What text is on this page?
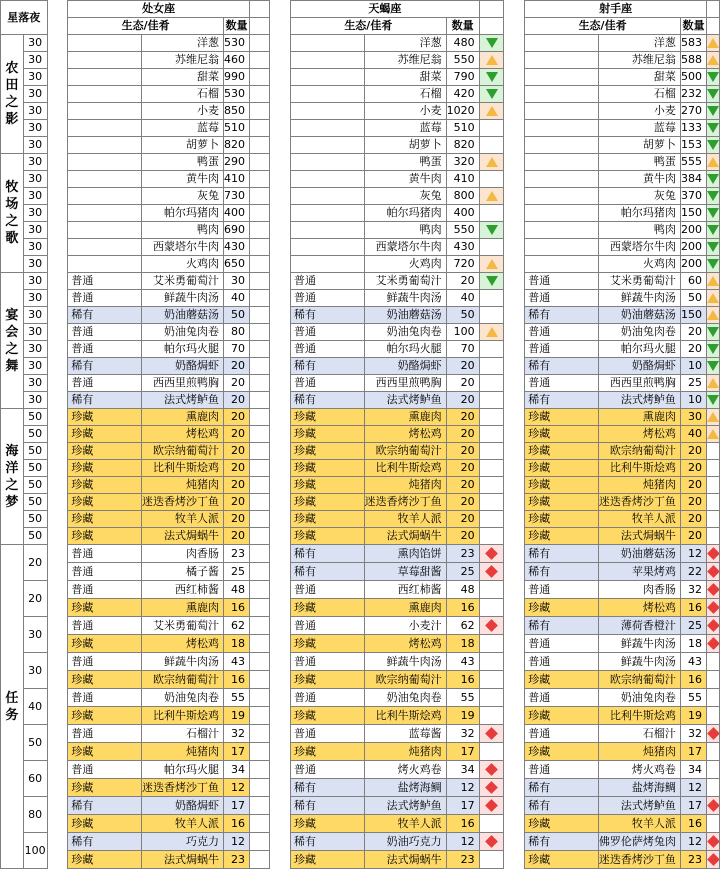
星落夜			处女座					天蝎座					射手座			
			生态/佳肴		数量			生态/佳肴		数量			生态/佳肴		数量	
农田之影	30			洋葱	530				洋葱	480				洋葱	583	
	30			苏维尼翁	460				苏维尼翁	550				苏维尼翁	588	
	30			甜菜	990				甜菜	790				甜菜	500	
	30			石榴	530				石榴	420				石榴	232	
	30			小麦	850				小麦	1020				小麦	270	
	30			蓝莓	510				蓝莓	510				蓝莓	133	
	30			胡萝卜	820				胡萝卜	820				胡萝卜	153	
牧场之歌	30			鸭蛋	290				鸭蛋	320				鸭蛋	555	
	30			黄牛肉	410				黄牛肉	410				黄牛肉	384	
	30			灰兔	730				灰兔	800				灰兔	370	
	30			帕尔玛猪肉	400				帕尔玛猪肉	400				帕尔玛猪肉	150	
	30			鸭肉	690				鸭肉	550				鸭肉	200	
	30			西蒙塔尔牛肉	430				西蒙塔尔牛肉	430				西蒙塔尔牛肉	200	
	30			火鸡肉	650				火鸡肉	720				火鸡肉	200	
宴会之舞	30		普通	艾米勇葡萄汁	30			普通	艾米勇葡萄汁	20			普通	艾米勇葡萄汁	60	
	30		普通	鲜蔬牛肉汤	40			普通	鲜蔬牛肉汤	40			普通	鲜蔬牛肉汤	50	
	30		稀有	奶油蘑菇汤	50			稀有	奶油蘑菇汤	50			稀有	奶油蘑菇汤	150	
	30		普通	奶油兔肉卷	80			普通	奶油兔肉卷	100			普通	奶油兔肉卷	20	
	30		普通	帕尔玛火腿	70			普通	帕尔玛火腿	70			普通	帕尔玛火腿	20	
	30		稀有	奶酪焗虾	20			稀有	奶酪焗虾	20			稀有	奶酪焗虾	10	
	30		普通	西西里煎鸭胸	20			普通	西西里煎鸭胸	20			普通	西西里煎鸭胸	25	
	30		稀有	法式烤鲈鱼	20			稀有	法式烤鲈鱼	20			稀有	法式烤鲈鱼	10	
海洋之梦	50		珍藏	熏鹿肉	20			珍藏	熏鹿肉	20			珍藏	熏鹿肉	30	
	50		珍藏	烤松鸡	20			珍藏	烤松鸡	20			珍藏	烤松鸡	40	
	50		珍藏	欧宗纳葡萄汁	20			珍藏	欧宗纳葡萄汁	20			珍藏	欧宗纳葡萄汁	20	
	50		珍藏	比利牛斯烩鸡	20			珍藏	比利牛斯烩鸡	20			珍藏	比利牛斯烩鸡	20	
	50		珍藏	炖猪肉	20			珍藏	炖猪肉	20			珍藏	炖猪肉	20	
	50		珍藏	迷迭香烤沙丁鱼	20			珍藏	迷迭香烤沙丁鱼	20			珍藏	迷迭香烤沙丁鱼	20	
	50		珍藏	牧羊人派	20			珍藏	牧羊人派	20			珍藏	牧羊人派	20	
	50		珍藏	法式焗蜗牛	20			珍藏	法式焗蜗牛	20			珍藏	法式焗蜗牛	20	
任务	20		普通	肉香肠	23			稀有	熏肉馅饼	23			稀有	奶油蘑菇汤	12	
			普通	橘子酱	25			稀有	草莓甜酱	25			稀有	苹果烤鸡	22	
	20		普通	西红柿酱	48			普通	西红柿酱	48			普通	肉香肠	32	
			珍藏	熏鹿肉	16			珍藏	熏鹿肉	16			珍藏	烤松鸡	16	
	30		普通	艾米勇葡萄汁	62			普通	小麦汁	62			稀有	薄荷香橙汁	25	
			珍藏	烤松鸡	18			珍藏	烤松鸡	18			普通	鲜蔬牛肉汤	18	
	30		普通	鲜蔬牛肉汤	43			普通	鲜蔬牛肉汤	43			普通	鲜蔬牛肉汤	43	
			珍藏	欧宗纳葡萄汁	16			珍藏	欧宗纳葡萄汁	16			珍藏	欧宗纳葡萄汁	16	
	40		普通	奶油兔肉卷	55			普通	奶油兔肉卷	55			普通	奶油兔肉卷	55	
			珍藏	比利牛斯烩鸡	19			珍藏	比利牛斯烩鸡	19			珍藏	比利牛斯烩鸡	19	
	50		普通	石榴汁	32			普通	蓝莓酱	32			普通	石榴汁	32	
			珍藏	炖猪肉	17			珍藏	炖猪肉	17			珍藏	炖猪肉	17	
	60		普通	帕尔玛火腿	34			普通	烤火鸡卷	34			普通	烤火鸡卷	34	
			珍藏	迷迭香烤沙丁鱼	12			稀有	盐烤海鲷	12			稀有	盐烤海鲷	12	
	80		稀有	奶酪焗虾	17			稀有	法式烤鲈鱼	17			稀有	法式烤鲈鱼	17	
			珍藏	牧羊人派	16			珍藏	牧羊人派	16			珍藏	牧羊人派	16	
	100		稀有	巧克力	12			稀有	奶油巧克力	12			稀有	佛罗伦萨烤兔肉	12	
			珍藏	法式焗蜗牛	23			珍藏	法式焗蜗牛	23			珍藏	迷迭香烤沙丁鱼	23	
